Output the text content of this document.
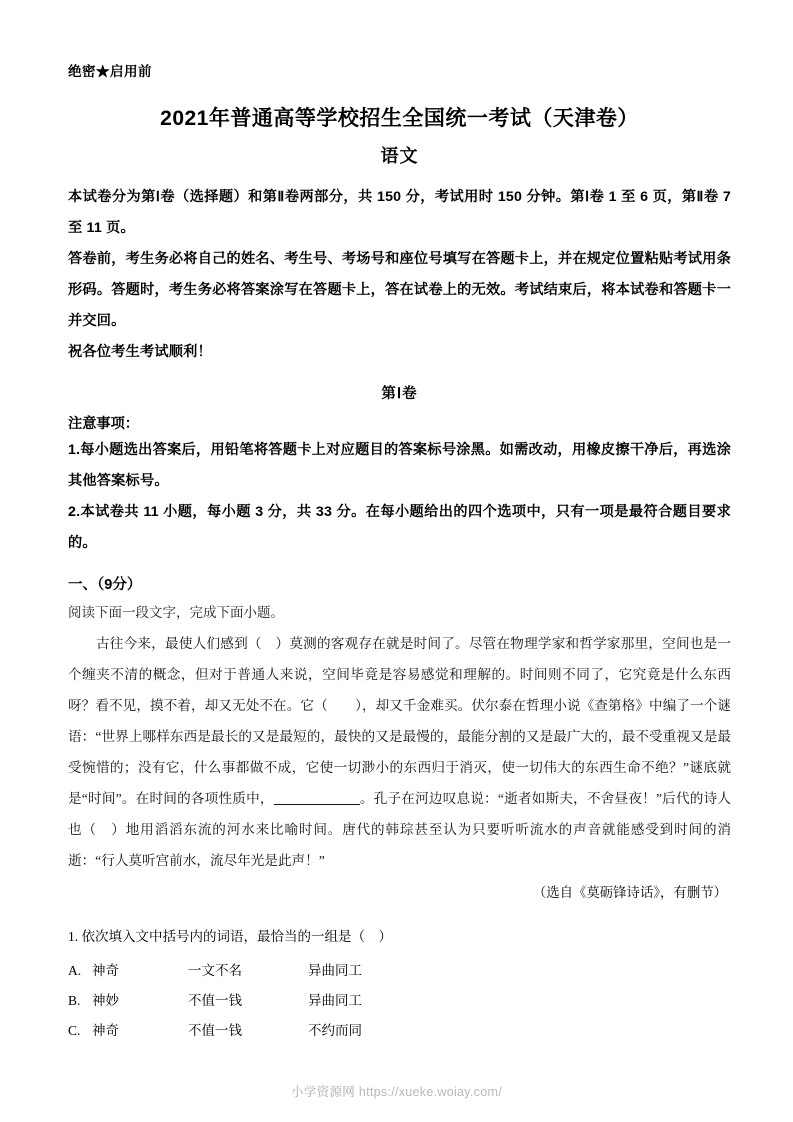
绝密★启用前
2021年普通高等学校招生全国统一考试（天津卷）
语文

本试卷分为第Ⅰ卷（选择题）和第Ⅱ卷两部分，共 150 分，考试用时 150 分钟。第Ⅰ卷 1 至 6 页，第Ⅱ卷 7 至 11 页。

答卷前，考生务必将自己的姓名、考生号、考场号和座位号填写在答题卡上，并在规定位置粘贴考试用条形码。答题时，考生务必将答案涂写在答题卡上，答在试卷上的无效。考试结束后，将本试卷和答题卡一并交回。

祝各位考生考试顺利！

第Ⅰ卷
注意事项：

1.每小题选出答案后，用铅笔将答题卡上对应题目的答案标号涂黑。如需改动，用橡皮擦干净后，再选涂其他答案标号。

2.本试卷共 11 小题，每小题 3 分，共 33 分。在每小题给出的四个选项中，只有一项是最符合题目要求的。

一、（9分）
阅读下面一段文字，完成下面小题。

古往今来，最使人们感到（　）莫测的客观存在就是时间了。尽管在物理学家和哲学家那里，空间也是一个缠夹不清的概念，但对于普通人来说，空间毕竟是容易感觉和理解的。时间则不同了，它究竟是什么东西呀？看不见，摸不着，却又无处不在。它（　　），却又千金难买。伏尔泰在哲理小说《查第格》中编了一个谜语：“世界上哪样东西是最长的又是最短的，最快的又是最慢的，最能分割的又是最广大的，最不受重视又是最受惋惜的；没有它，什么事都做不成，它使一切渺小的东西归于消灭，使一切伟大的东西生命不绝？”谜底就是“时间”。在时间的各项性质中，	。孔子在河边叹息说：“逝者如斯夫，不舍昼夜！”后代的诗人也（　）地用滔滔东流的河水来比喻时间。唐代的韩琮甚至认为只要听听流水的声音就能感受到时间的消逝：“行人莫听宫前水，流尽年光是此声！”

（选自《莫砺锋诗话》，有删节）

1. 依次填入文中括号内的词语，最恰当的一组是（　）
A. 神奇	一文不名	异曲同工
B. 神妙	不值一钱	异曲同工
C. 神奇	不值一钱	不约而同
小学资源网 https://xueke.woiay.com/
